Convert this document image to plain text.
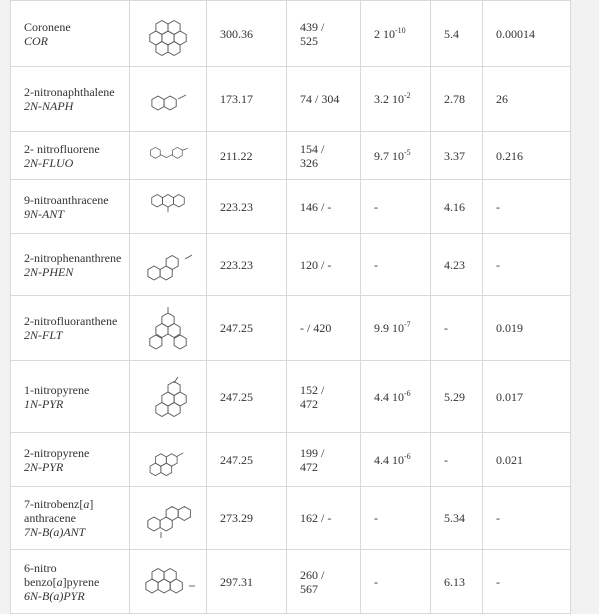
Coronene
COR		300.36	439 /
525	2 $10^{-10}$	5.4	0.00014
2-nitronaphthalene
2N-NAPH		173.17	74 / 304	3.2 $10^{-2}$	2.78	26
2- nitrofluorene
2N-FLUO		211.22	154 /
326	9.7 $10^{-5}$	3.37	0.216
9-nitroanthracene
9N-ANT		223.23	146 / -	-	4.16	-
2-nitrophenanthrene
2N-PHEN		223.23	120 / -	-	4.23	-
2-nitrofluoranthene
2N-FLT		247.25	- / 420	9.9 $10^{-7}$	-	0.019
1-nitropyrene
1N-PYR		247.25	152 /
472	4.4 $10^{-6}$	5.29	0.017
2-nitropyrene
2N-PYR		247.25	199 /
472	4.4 $10^{-6}$	-	0.021
7-nitrobenz[a] anthracene
7N-B(a)ANT		273.29	162 / -	-	5.34	-
6-nitro benzo[a]pyrene
6N-B(a)PYR		297.31	260 /
567	-	6.13	-
